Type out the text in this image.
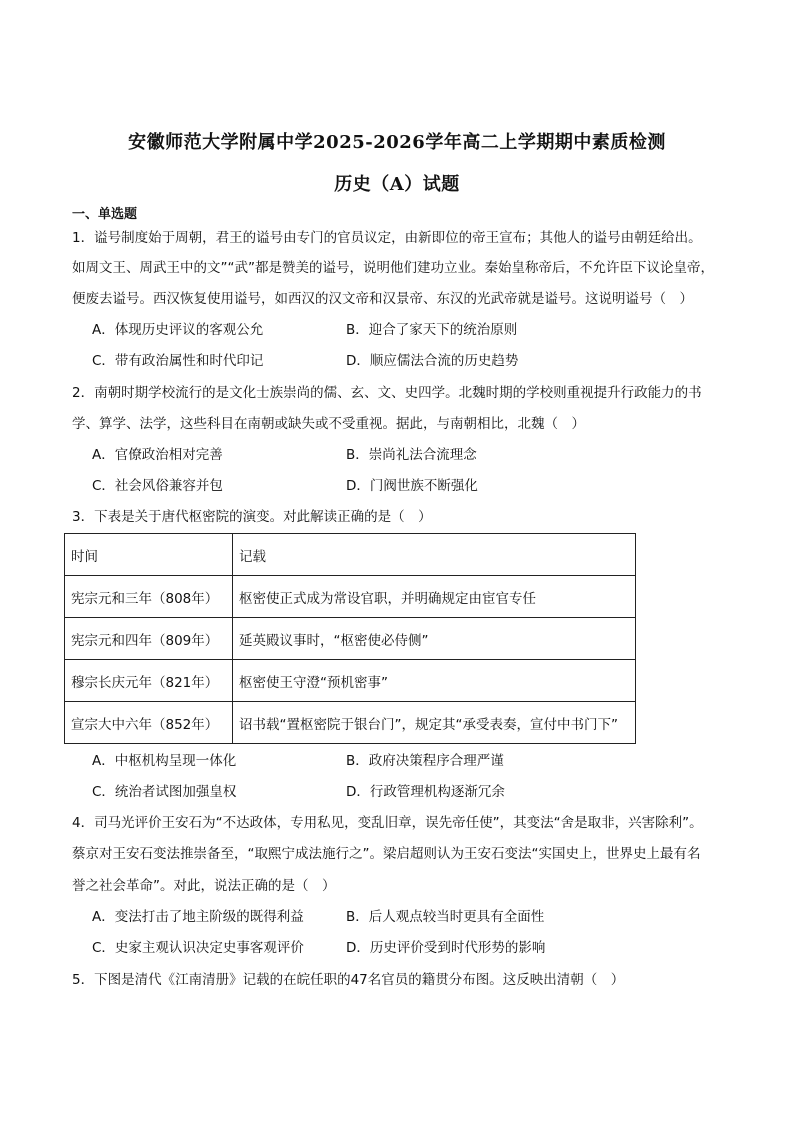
安徽师范大学附属中学2025-2026学年高二上学期期中素质检测
历史（A）试题
一、单选题
1．谥号制度始于周朝，君王的谥号由专门的官员议定，由新即位的帝王宣布；其他人的谥号由朝廷给出。
如周文王、周武王中的文”“武”都是赞美的谥号，说明他们建功立业。秦始皇称帝后，不允许臣下议论皇帝，
便废去谥号。西汉恢复使用谥号，如西汉的汉文帝和汉景帝、东汉的光武帝就是谥号。这说明谥号（　）
A．体现历史评议的客观公允	B．迎合了家天下的统治原则
C．带有政治属性和时代印记	D．顺应儒法合流的历史趋势
2．南朝时期学校流行的是文化士族崇尚的儒、玄、文、史四学。北魏时期的学校则重视提升行政能力的书
学、算学、法学，这些科目在南朝或缺失或不受重视。据此，与南朝相比，北魏（　）
A．官僚政治相对完善	B．崇尚礼法合流理念
C．社会风俗兼容并包	D．门阀世族不断强化
3．下表是关于唐代枢密院的演变。对此解读正确的是（　）
时间	记载
宪宗元和三年（808年）	枢密使正式成为常设官职，并明确规定由宦官专任
宪宗元和四年（809年）	延英殿议事时，“枢密使必侍侧”
穆宗长庆元年（821年）	枢密使王守澄“预机密事”
宣宗大中六年（852年）	诏书载“置枢密院于银台门”，规定其“承受表奏，宣付中书门下”
A．中枢机构呈现一体化	B．政府决策程序合理严谨
C．统治者试图加强皇权	D．行政管理机构逐渐冗余
4．司马光评价王安石为“不达政体，专用私见，变乱旧章，误先帝任使”，其变法“舍是取非，兴害除利”。
蔡京对王安石变法推崇备至，“取熙宁成法施行之”。梁启超则认为王安石变法“实国史上，世界史上最有名
誉之社会革命”。对此，说法正确的是（　）
A．变法打击了地主阶级的既得利益	B．后人观点较当时更具有全面性
C．史家主观认识决定史事客观评价	D．历史评价受到时代形势的影响
5．下图是清代《江南清册》记载的在皖任职的47名官员的籍贯分布图。这反映出清朝（　）
